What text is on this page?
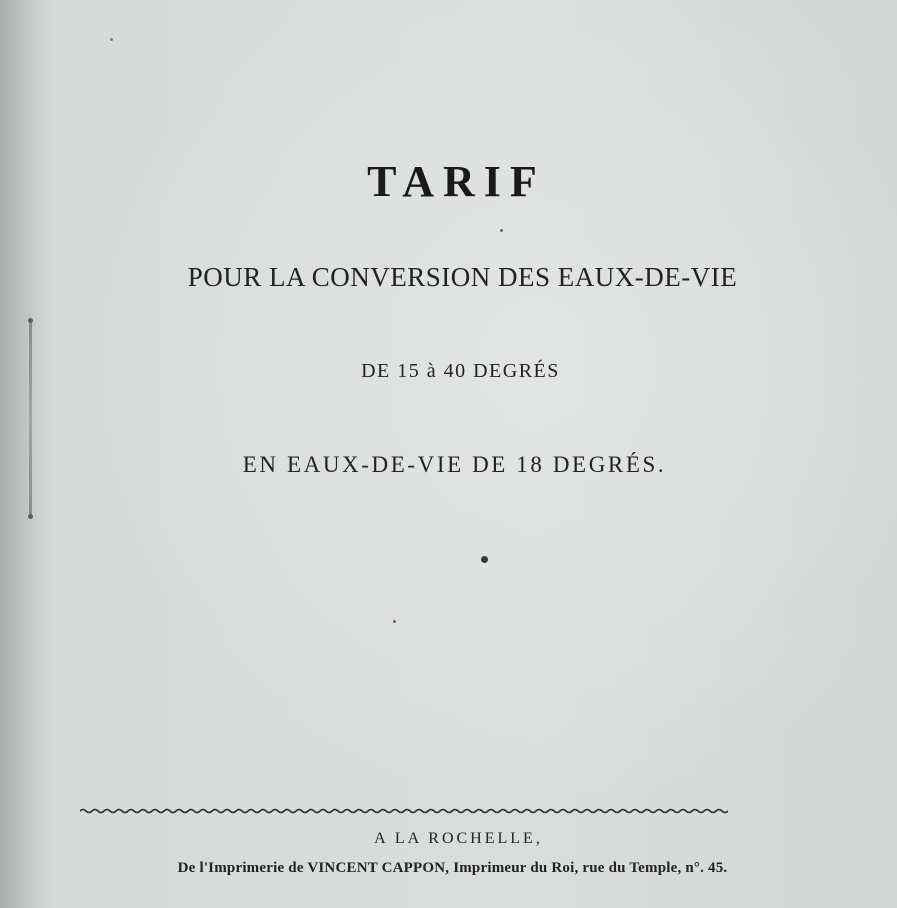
TARIF
POUR LA CONVERSION DES EAUX-DE-VIE
DE 15 à 40 DEGRÉS
EN EAUX-DE-VIE DE 18 DEGRÉS.
A LA ROCHELLE,
De l'Imprimerie de VINCENT CAPPON, Imprimeur du Roi, rue du Temple, n°. 45.
